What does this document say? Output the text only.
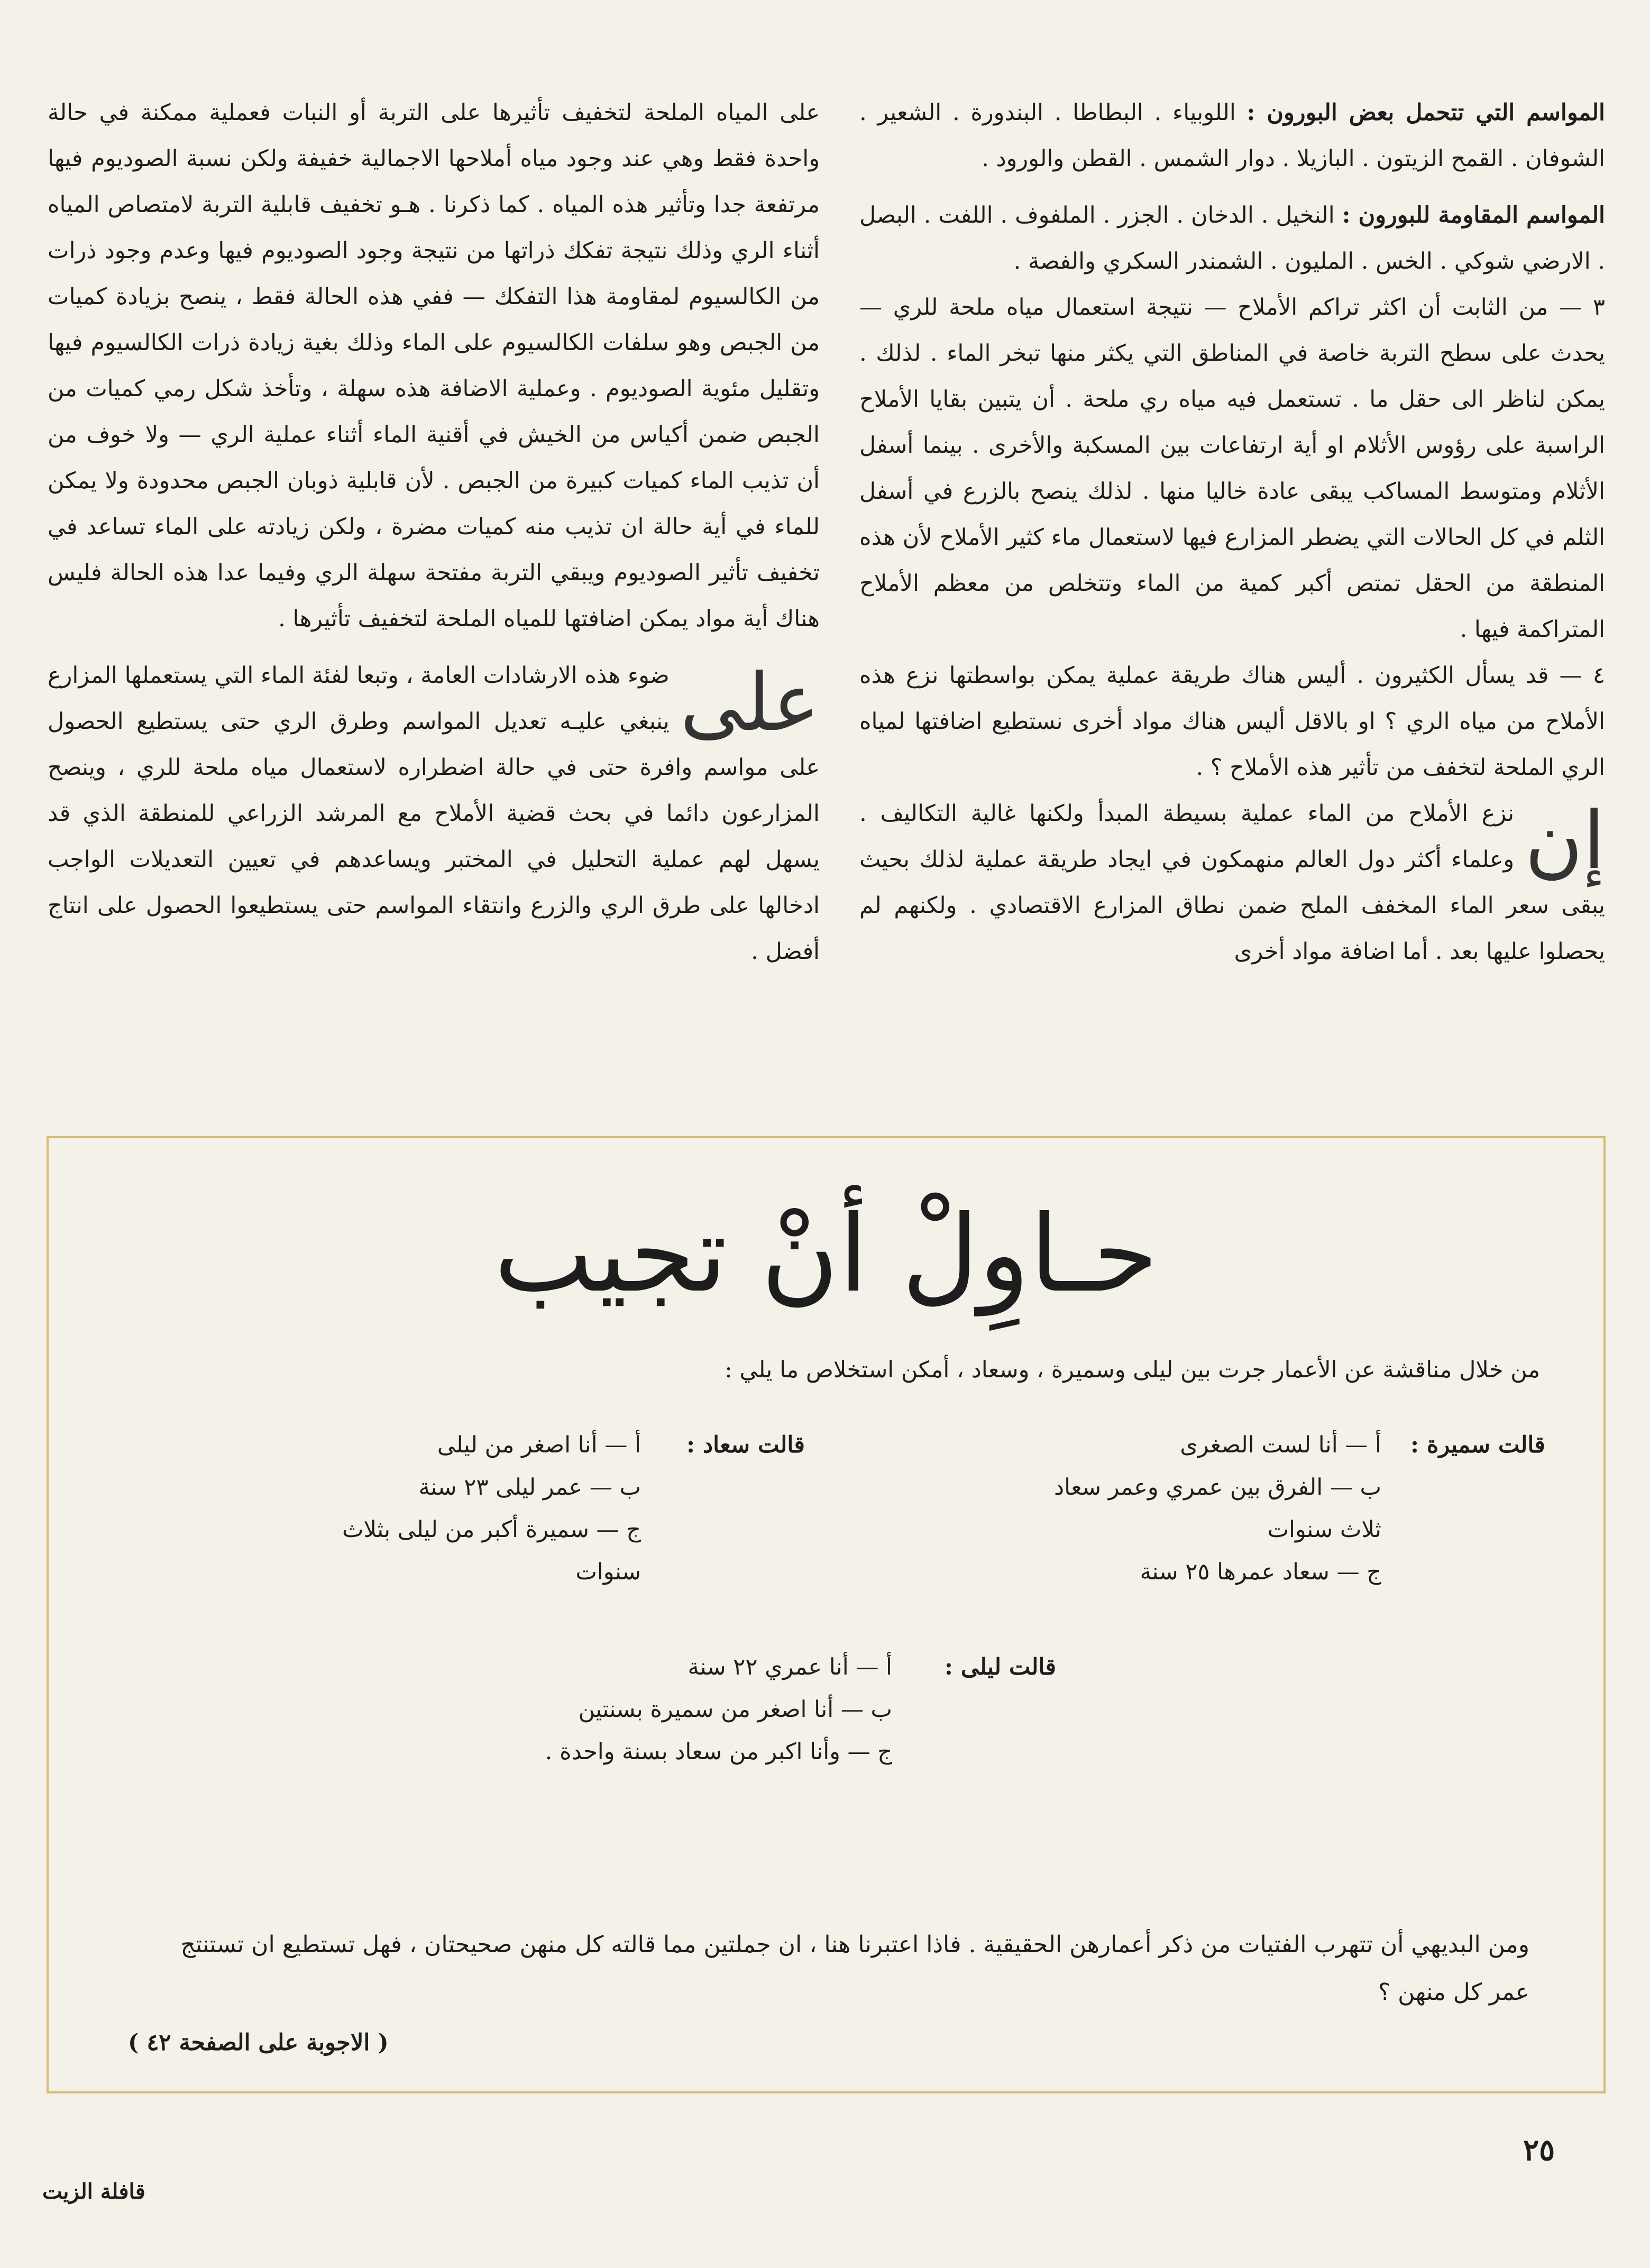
المواسم التي تتحمل بعض البورون : اللوبياء . البطاطا . البندورة . الشعير . الشوفان . القمح الزيتون . البازيلا . دوار الشمس . القطن والورود .

المواسم المقاومة للبورون : النخيل . الدخان . الجزر . الملفوف . اللفت . البصل . الارضي شوكي . الخس . المليون . الشمندر السكري والفصة .

٣ — من الثابت أن اكثر تراكم الأملاح — نتيجة استعمال مياه ملحة للري — يحدث على سطح التربة خاصة في المناطق التي يكثر منها تبخر الماء . لذلك . يمكن لناظر الى حقل ما . تستعمل فيه مياه ري ملحة . أن يتبين بقايا الأملاح الراسبة على رؤوس الأثلام او أية ارتفاعات بين المسكبة والأخرى . بينما أسفل الأثلام ومتوسط المساكب يبقى عادة خاليا منها . لذلك ينصح بالزرع في أسفل الثلم في كل الحالات التي يضطر المزارع فيها لاستعمال ماء كثير الأملاح لأن هذه المنطقة من الحقل تمتص أكبر كمية من الماء وتتخلص من معظم الأملاح المتراكمة فيها .

٤ — قد يسأل الكثيرون . أليس هناك طريقة عملية يمكن بواسطتها نزع هذه الأملاح من مياه الري ؟ او بالاقل أليس هناك مواد أخرى نستطيع اضافتها لمياه الري الملحة لتخفف من تأثير هذه الأملاح ؟ .

إن
نزع الأملاح من الماء عملية بسيطة المبدأ ولكنها غالية التكاليف . وعلماء أكثر دول العالم منهمكون في ايجاد طريقة عملية لذلك بحيث يبقى سعر الماء المخفف الملح ضمن نطاق المزارع الاقتصادي . ولكنهم لم يحصلوا عليها بعد . أما اضافة مواد أخرى

على المياه الملحة لتخفيف تأثيرها على التربة أو النبات فعملية ممكنة في حالة واحدة فقط وهي عند وجود مياه أملاحها الاجمالية خفيفة ولكن نسبة الصوديوم فيها مرتفعة جدا وتأثير هذه المياه . كما ذكرنا . هـو تخفيف قابلية التربة لامتصاص المياه أثناء الري وذلك نتيجة تفكك ذراتها من نتيجة وجود الصوديوم فيها وعدم وجود ذرات من الكالسيوم لمقاومة هذا التفكك — ففي هذه الحالة فقط ، ينصح بزيادة كميات من الجبص وهو سلفات الكالسيوم على الماء وذلك بغية زيادة ذرات الكالسيوم فيها وتقليل مئوية الصوديوم . وعملية الاضافة هذه سهلة ، وتأخذ شكل رمي كميات من الجبص ضمن أكياس من الخيش في أقنية الماء أثناء عملية الري — ولا خوف من أن تذيب الماء كميات كبيرة من الجبص . لأن قابلية ذوبان الجبص محدودة ولا يمكن للماء في أية حالة ان تذيب منه كميات مضرة ، ولكن زيادته على الماء تساعد في تخفيف تأثير الصوديوم ويبقي التربة مفتحة سهلة الري وفيما عدا هذه الحالة فليس هناك أية مواد يمكن اضافتها للمياه الملحة لتخفيف تأثيرها .

على
ضوء هذه الارشادات العامة ، وتبعا لفئة الماء التي يستعملها المزارع ينبغي عليـه تعديل المواسم وطرق الري حتى يستطيع الحصول على مواسم وافرة حتى في حالة اضطراره لاستعمال مياه ملحة للري ، وينصح المزارعون دائما في بحث قضية الأملاح مع المرشد الزراعي للمنطقة الذي قد يسهل لهم عملية التحليل في المختبر ويساعدهم في تعيين التعديلات الواجب ادخالها على طرق الري والزرع وانتقاء المواسم حتى يستطيعوا الحصول على انتاج أفضل .

حـاوِلْ أنْ تجيب
من خلال مناقشة عن الأعمار جرت بين ليلى وسميرة ، وسعاد ، أمكن استخلاص ما يلي :

قالت سميرة :أ — أنا لست الصغرى

ب — الفرق بين عمري وعمر سعاد ثلاث سنوات

ج — سعاد عمرها ٢٥ سنة

قالت سعاد :أ — أنا اصغر من ليلى

ب — عمر ليلى ٢٣ سنة

ج — سميرة أكبر من ليلى بثلاث سنوات

قالت ليلى :أ — أنا عمري ٢٢ سنة

ب — أنا اصغر من سميرة بسنتين

ج — وأنا اكبر من سعاد بسنة واحدة .

ومن البديهي أن تتهرب الفتيات من ذكر أعمارهن الحقيقية . فاذا اعتبرنا هنا ، ان جملتين مما قالته كل منهن صحيحتان ، فهل تستطيع ان تستنتج عمر كل منهن ؟
( الاجوبة على الصفحة ٤٢ )
٢٥
قافلة الزيت
